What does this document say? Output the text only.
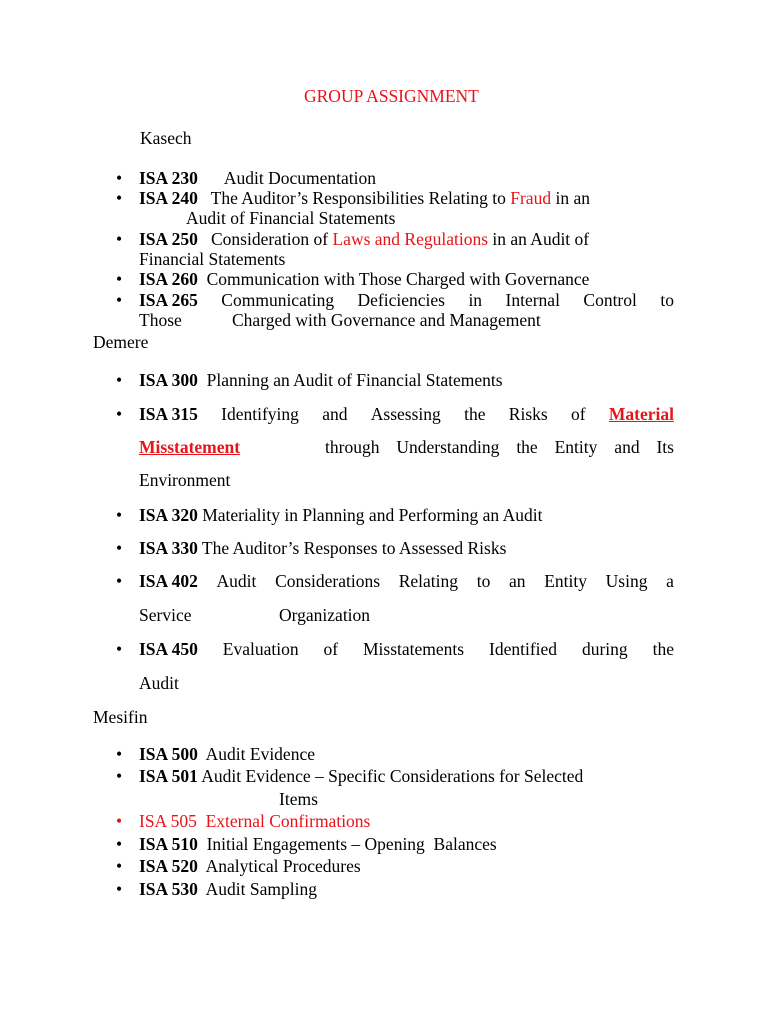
GROUP ASSIGNMENT
Kasech
•
ISA 230 Audit Documentation
•
ISA 240 The Auditor’s Responsibilities Relating to Fraud in an
Audit of Financial Statements
•
ISA 250 Consideration of Laws and Regulations in an Audit of
Financial Statements
•
ISA 260 Communication with Those Charged with Governance
•
ISA 265 Communicating Deficiencies in Internal Control to
Those	Charged with Governance and Management
Demere
•
ISA 300 Planning an Audit of Financial Statements
•
ISA 315 Identifying and Assessing the Risks of Material
Misstatement	through Understanding the Entity and Its
Environment
•
ISA 320 Materiality in Planning and Performing an Audit
•
ISA 330 The Auditor’s Responses to Assessed Risks
•
ISA 402 Audit Considerations Relating to an Entity Using a
Service	Organization
•
ISA 450 Evaluation of Misstatements Identified during the
Audit
Mesifin
•
ISA 500 Audit Evidence
•
ISA 501 Audit Evidence – Specific Considerations for Selected
Items
•
ISA 505 External Confirmations
•
ISA 510 Initial Engagements – Opening  Balances
•
ISA 520 Analytical Procedures
•
ISA 530 Audit Sampling
